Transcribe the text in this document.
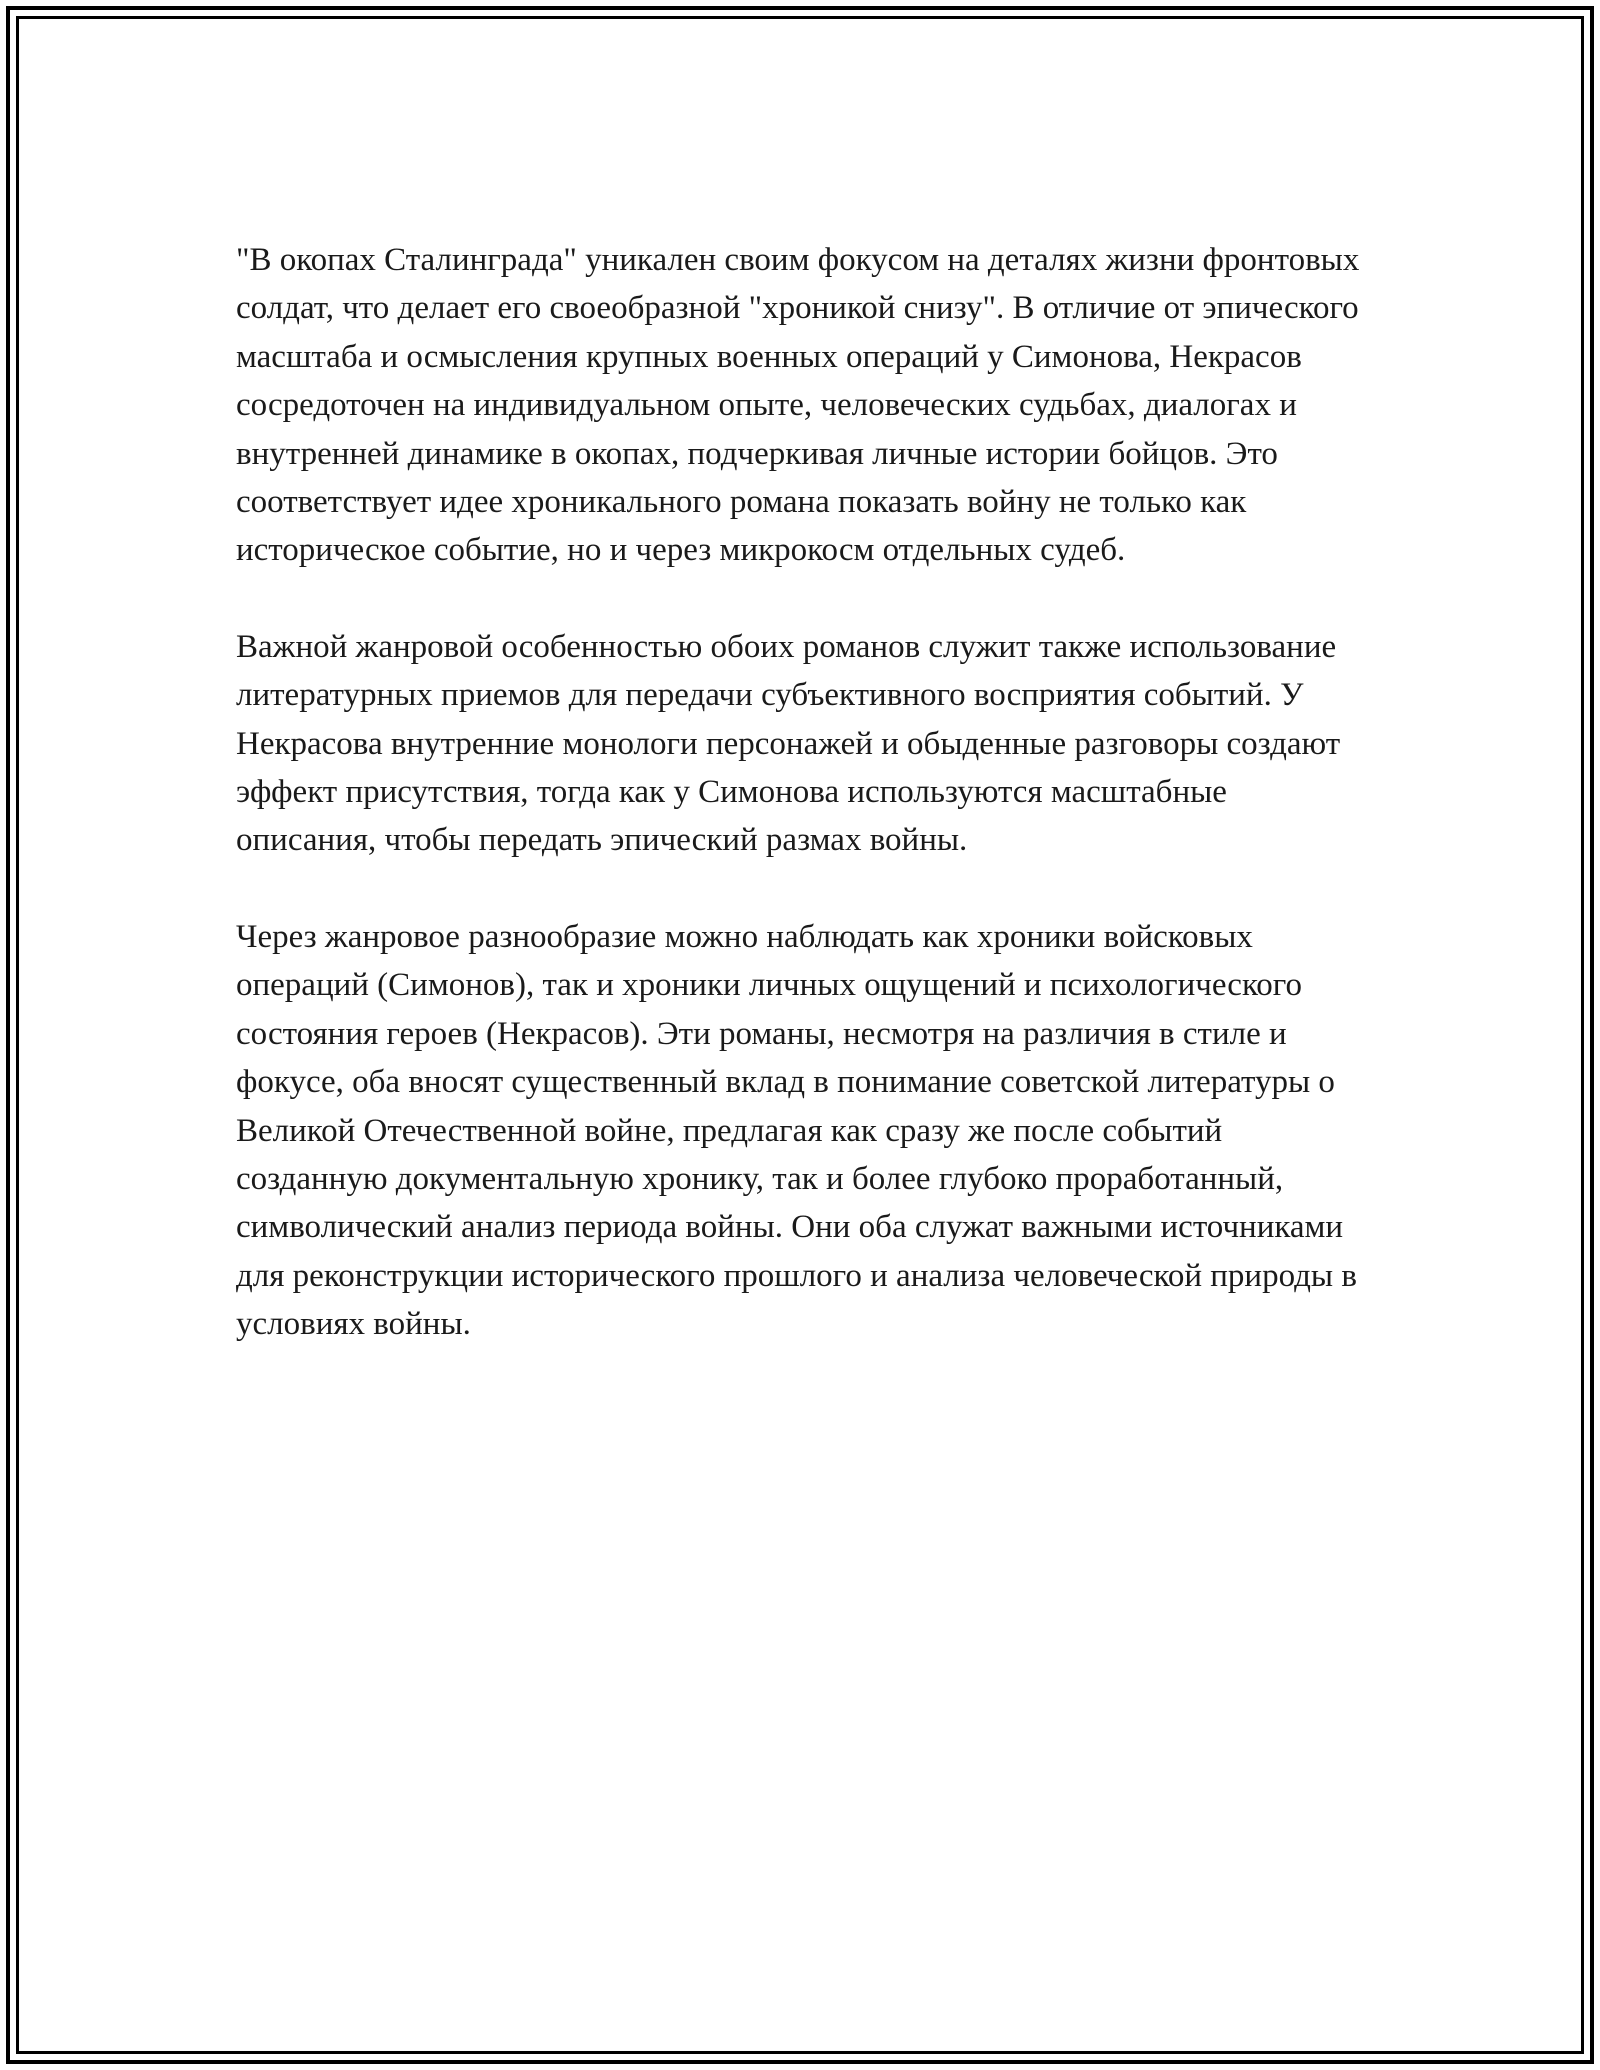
"В окопах Сталинграда" уникален своим фокусом на деталях жизни фронтовых солдат, что делает его своеобразной "хроникой снизу". В отличие от эпического масштаба и осмысления крупных военных операций у Симонова, Некрасов сосредоточен на индивидуальном опыте, человеческих судьбах, диалогах и внутренней динамике в окопах, подчеркивая личные истории бойцов. Это соответствует идее хроникального романа показать войну не только как историческое событие, но и через микрокосм отдельных судеб.

Важной жанровой особенностью обоих романов служит также использование литературных приемов для передачи субъективного восприятия событий. У Некрасова внутренние монологи персонажей и обыденные разговоры создают эффект присутствия, тогда как у Симонова используются масштабные описания, чтобы передать эпический размах войны.

Через жанровое разнообразие можно наблюдать как хроники войсковых операций (Симонов), так и хроники личных ощущений и психологического состояния героев (Некрасов). Эти романы, несмотря на различия в стиле и фокусе, оба вносят существенный вклад в понимание советской литературы о Великой Отечественной войне, предлагая как сразу же после событий созданную документальную хронику, так и более глубоко проработанный, символический анализ периода войны. Они оба служат важными источниками для реконструкции исторического прошлого и анализа человеческой природы в условиях войны.
